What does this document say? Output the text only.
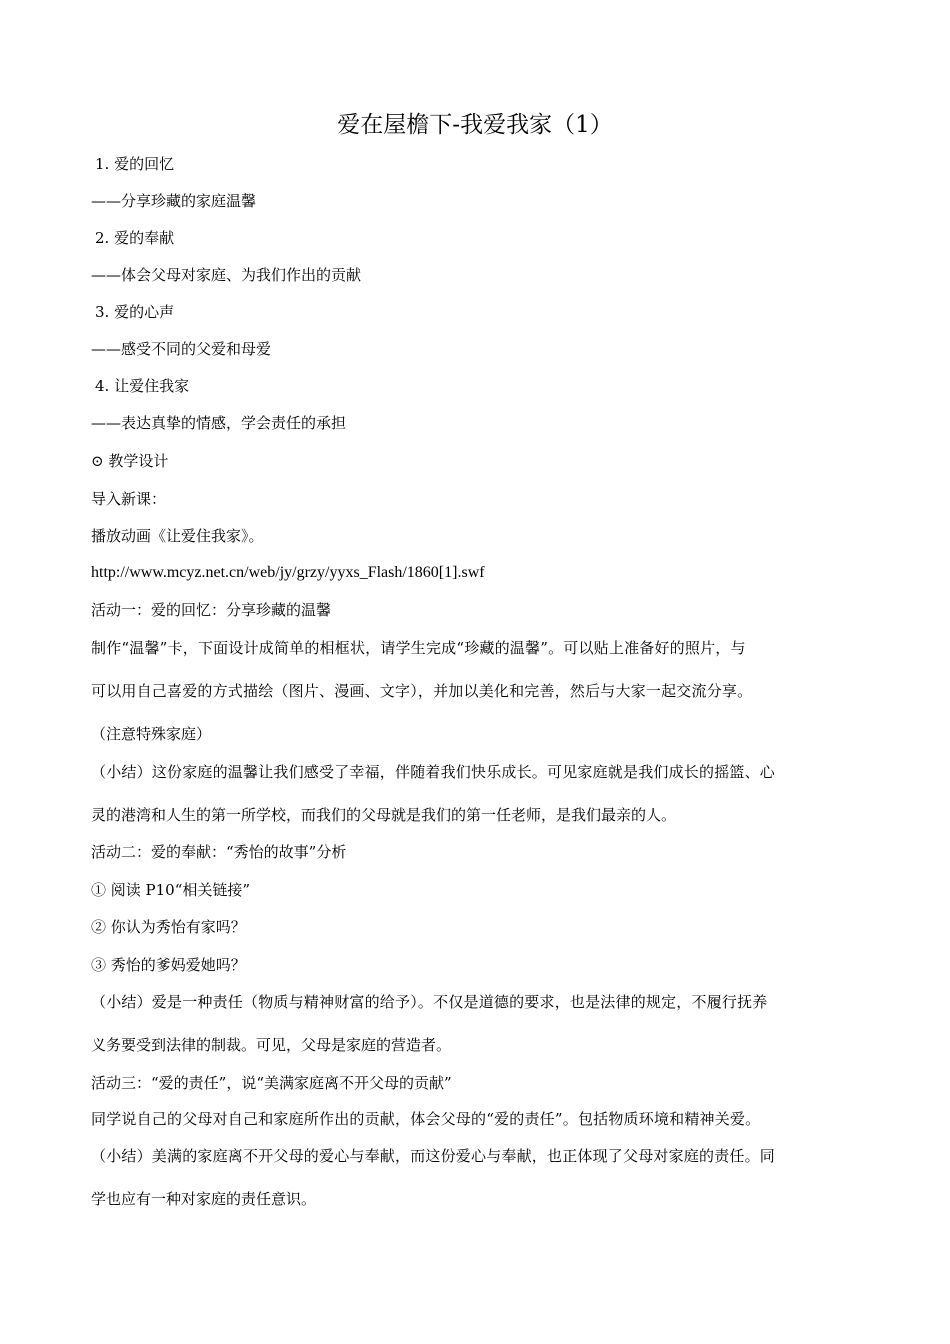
爱在屋檐下-我爱我家（1）
1. 爱的回忆
——分享珍藏的家庭温馨
2. 爱的奉献
——体会父母对家庭、为我们作出的贡献
3. 爱的心声
——感受不同的父爱和母爱
4. 让爱住我家
——表达真挚的情感，学会责任的承担
⊙ 教学设计
导入新课：
播放动画《让爱住我家》。
http://www.mcyz.net.cn/web/jy/grzy/yyxs_Flash/1860[1].swf
活动一：爱的回忆：分享珍藏的温馨
制作“温馨”卡，下面设计成简单的相框状，请学生完成“珍藏的温馨”。可以贴上准备好的照片，与
可以用自己喜爱的方式描绘（图片、漫画、文字），并加以美化和完善，然后与大家一起交流分享。
（注意特殊家庭）
（小结）这份家庭的温馨让我们感受了幸福，伴随着我们快乐成长。可见家庭就是我们成长的摇篮、心
灵的港湾和人生的第一所学校，而我们的父母就是我们的第一任老师，是我们最亲的人。
活动二：爱的奉献：“秀怡的故事”分析
① 阅读 P10“相关链接”
② 你认为秀怡有家吗？
③ 秀怡的爹妈爱她吗？
（小结）爱是一种责任（物质与精神财富的给予）。不仅是道德的要求，也是法律的规定，不履行抚养
义务要受到法律的制裁。可见，父母是家庭的营造者。
活动三：“爱的责任”，说“美满家庭离不开父母的贡献”
同学说自己的父母对自己和家庭所作出的贡献，体会父母的“爱的责任”。包括物质环境和精神关爱。
（小结）美满的家庭离不开父母的爱心与奉献，而这份爱心与奉献，也正体现了父母对家庭的责任。同
学也应有一种对家庭的责任意识。
